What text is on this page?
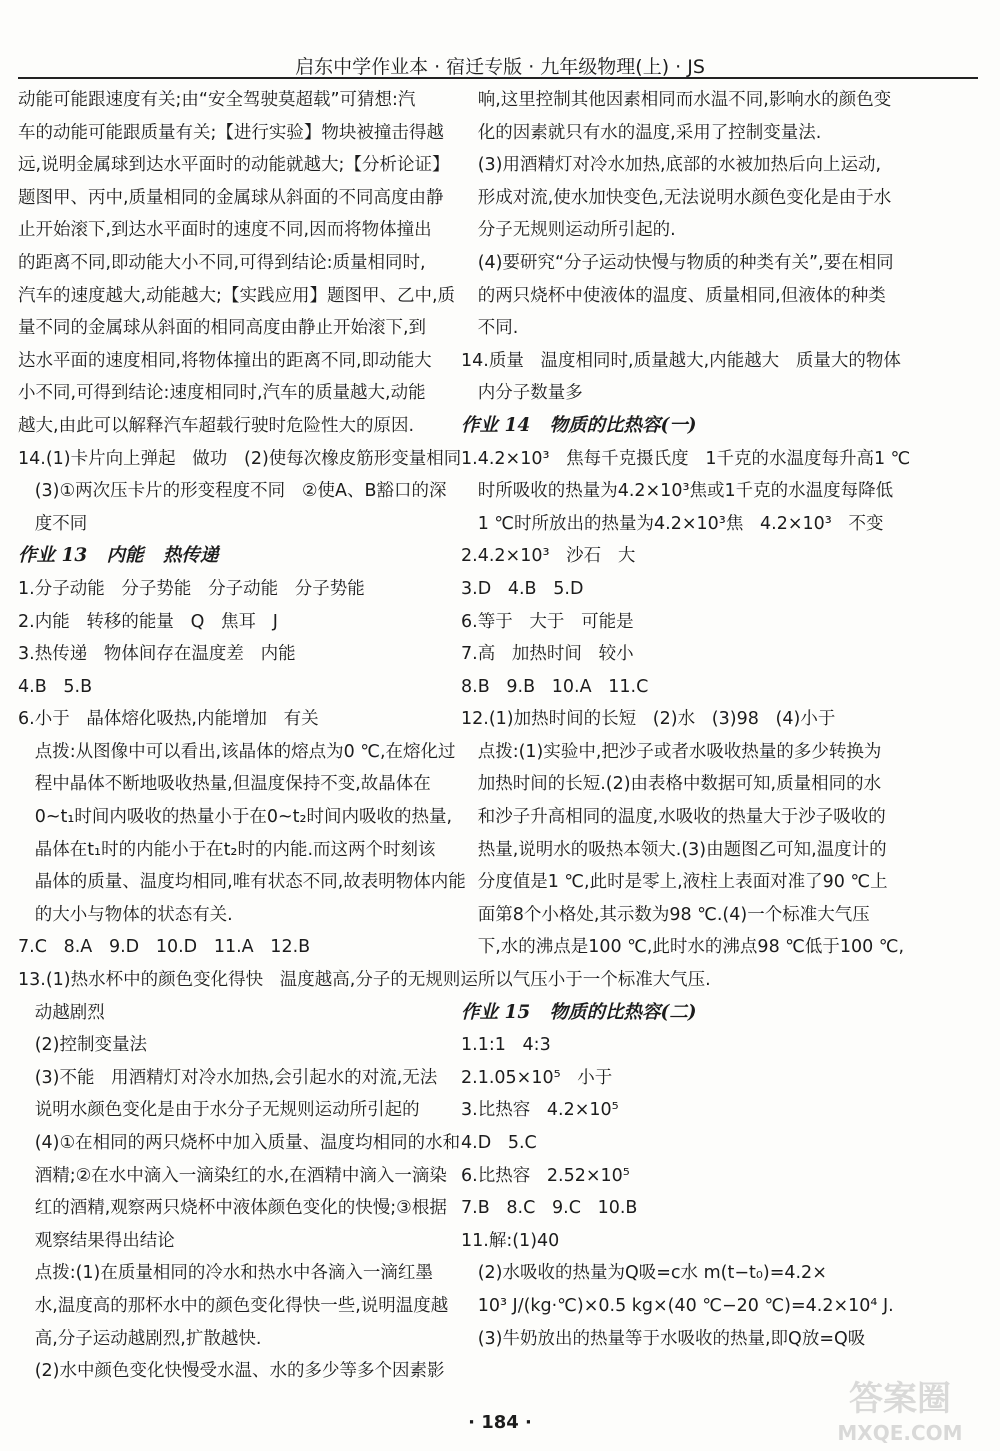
启东中学作业本 · 宿迁专版 · 九年级物理(上) · JS

动能可能跟速度有关;由“安全驾驶莫超载”可猜想:汽

车的动能可能跟质量有关;【进行实验】物块被撞击得越

远,说明金属球到达水平面时的动能就越大;【分析论证】

题图甲、丙中,质量相同的金属球从斜面的不同高度由静

止开始滚下,到达水平面时的速度不同,因而将物体撞出

的距离不同,即动能大小不同,可得到结论:质量相同时,

汽车的速度越大,动能越大;【实践应用】题图甲、乙中,质

量不同的金属球从斜面的相同高度由静止开始滚下,到

达水平面的速度相同,将物体撞出的距离不同,即动能大

小不同,可得到结论:速度相同时,汽车的质量越大,动能

越大,由此可以解释汽车超载行驶时危险性大的原因.

14.(1)卡片向上弹起   做功   (2)使每次橡皮筋形变量相同

(3)①两次压卡片的形变程度不同   ②使A、B豁口的深

度不同

作业 13   内能   热传递

1.分子动能   分子势能   分子动能   分子势能

2.内能   转移的能量   Q   焦耳   J

3.热传递   物体间存在温度差   内能

4.B   5.B

6.小于   晶体熔化吸热,内能增加   有关

点拨:从图像中可以看出,该晶体的熔点为0 ℃,在熔化过

程中晶体不断地吸收热量,但温度保持不变,故晶体在

0~t₁时间内吸收的热量小于在0~t₂时间内吸收的热量,

晶体在t₁时的内能小于在t₂时的内能.而这两个时刻该

晶体的质量、温度均相同,唯有状态不同,故表明物体内能

的大小与物体的状态有关.

7.C   8.A   9.D   10.D   11.A   12.B

13.(1)热水杯中的颜色变化得快   温度越高,分子的无规则运

动越剧烈

(2)控制变量法

(3)不能   用酒精灯对冷水加热,会引起水的对流,无法

说明水颜色变化是由于水分子无规则运动所引起的

(4)①在相同的两只烧杯中加入质量、温度均相同的水和

酒精;②在水中滴入一滴染红的水,在酒精中滴入一滴染

红的酒精,观察两只烧杯中液体颜色变化的快慢;③根据

观察结果得出结论

点拨:(1)在质量相同的冷水和热水中各滴入一滴红墨

水,温度高的那杯水中的颜色变化得快一些,说明温度越

高,分子运动越剧烈,扩散越快.

(2)水中颜色变化快慢受水温、水的多少等多个因素影

响,这里控制其他因素相同而水温不同,影响水的颜色变

化的因素就只有水的温度,采用了控制变量法.

(3)用酒精灯对冷水加热,底部的水被加热后向上运动,

形成对流,使水加快变色,无法说明水颜色变化是由于水

分子无规则运动所引起的.

(4)要研究“分子运动快慢与物质的种类有关”,要在相同

的两只烧杯中使液体的温度、质量相同,但液体的种类

不同.

14.质量   温度相同时,质量越大,内能越大   质量大的物体

内分子数量多

作业 14   物质的比热容(一)

1.4.2×10³   焦每千克摄氏度   1千克的水温度每升高1 ℃

时所吸收的热量为4.2×10³焦或1千克的水温度每降低

1 ℃时所放出的热量为4.2×10³焦   4.2×10³   不变

2.4.2×10³   沙石   大

3.D   4.B   5.D

6.等于   大于   可能是

7.高   加热时间   较小

8.B   9.B   10.A   11.C

12.(1)加热时间的长短   (2)水   (3)98   (4)小于

点拨:(1)实验中,把沙子或者水吸收热量的多少转换为

加热时间的长短.(2)由表格中数据可知,质量相同的水

和沙子升高相同的温度,水吸收的热量大于沙子吸收的

热量,说明水的吸热本领大.(3)由题图乙可知,温度计的

分度值是1 ℃,此时是零上,液柱上表面对准了90 ℃上

面第8个小格处,其示数为98 ℃.(4)一个标准大气压

下,水的沸点是100 ℃,此时水的沸点98 ℃低于100 ℃,

所以气压小于一个标准大气压.

作业 15   物质的比热容(二)

1.1:1   4:3

2.1.05×10⁵   小于

3.比热容   4.2×10⁵

4.D   5.C

6.比热容   2.52×10⁵

7.B   8.C   9.C   10.B

11.解:(1)40

(2)水吸收的热量为Q吸=c水 m(t−t₀)=4.2×

10³ J/(kg·℃)×0.5 kg×(40 ℃−20 ℃)=4.2×10⁴ J.

(3)牛奶放出的热量等于水吸收的热量,即Q放=Q吸

· 184 ·
答案圈
MXQE.COM
